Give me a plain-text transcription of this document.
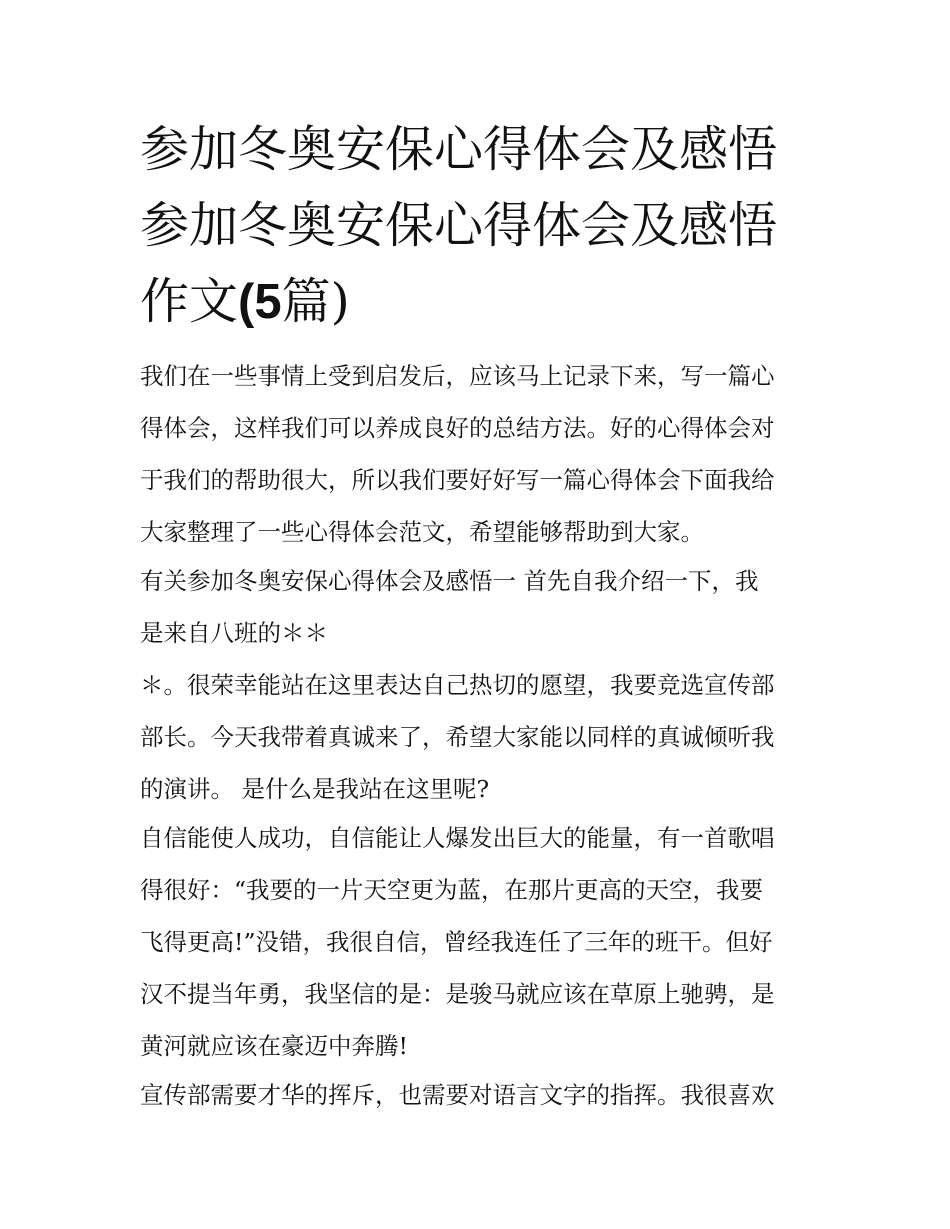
参加冬奥安保心得体会及感悟
参加冬奥安保心得体会及感悟
作文(5篇)
我们在一些事情上受到启发后，应该马上记录下来，写一篇心
得体会，这样我们可以养成良好的总结方法。好的心得体会对
于我们的帮助很大，所以我们要好好写一篇心得体会下面我给
大家整理了一些心得体会范文，希望能够帮助到大家。
有关参加冬奥安保心得体会及感悟一 首先自我介绍一下，我
是来自八班的＊＊
＊。很荣幸能站在这里表达自己热切的愿望，我要竞选宣传部
部长。今天我带着真诚来了，希望大家能以同样的真诚倾听我
的演讲。 是什么是我站在这里呢?
自信能使人成功，自信能让人爆发出巨大的能量，有一首歌唱
得很好：“我要的一片天空更为蓝，在那片更高的天空，我要
飞得更高!”没错，我很自信，曾经我连任了三年的班干。但好
汉不提当年勇，我坚信的是：是骏马就应该在草原上驰骋，是
黄河就应该在豪迈中奔腾!
宣传部需要才华的挥斥，也需要对语言文字的指挥。我很喜欢
